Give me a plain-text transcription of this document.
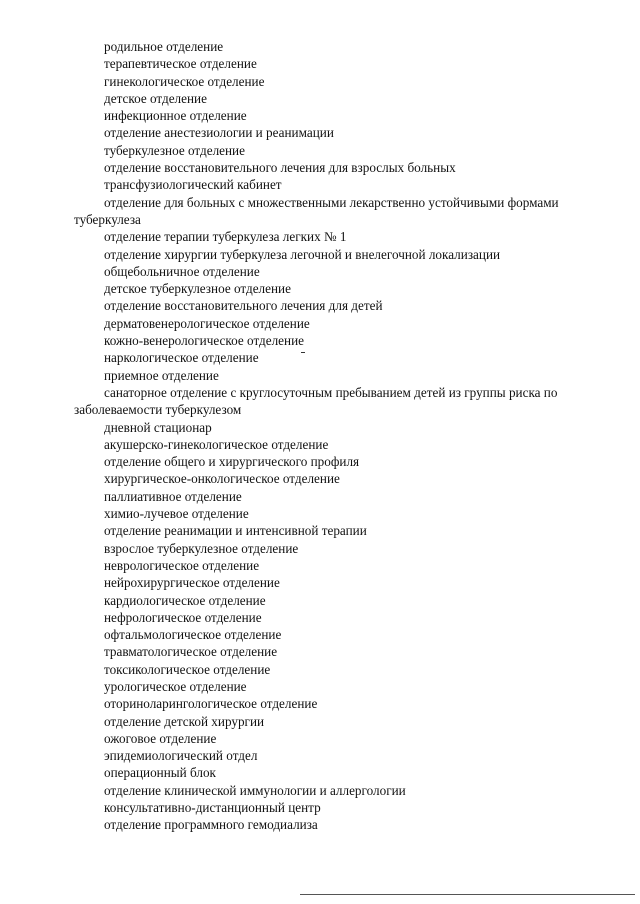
родильное отделение

терапевтическое отделение

гинекологическое отделение

детское отделение

инфекционное отделение

отделение анестезиологии и реанимации

туберкулезное отделение

отделение восстановительного лечения для взрослых больных

трансфузиологический кабинет

отделение для больных с множественными лекарственно устойчивыми формами туберкулеза

отделение терапии туберкулеза легких № 1

отделение хирургии туберкулеза легочной и внелегочной локализации

общебольничное отделение

детское туберкулезное отделение

отделение восстановительного лечения для детей

дерматовенерологическое отделение

кожно-венерологическое отделение

наркологическое отделение

приемное отделение

санаторное отделение с круглосуточным пребыванием детей из группы риска по заболеваемости туберкулезом

дневной стационар

акушерско-гинекологическое отделение

отделение общего и хирургического профиля

хирургическое-онкологическое отделение

паллиативное отделение

химио-лучевое отделение

отделение реанимации и интенсивной терапии

взрослое туберкулезное отделение

неврологическое отделение

нейрохирургическое отделение

кардиологическое отделение

нефрологическое отделение

офтальмологическое отделение

травматологическое отделение

токсикологическое отделение

урологическое отделение

оториноларингологическое отделение

отделение детской хирургии

ожоговое отделение

эпидемиологический отдел

операционный блок

отделение клинической иммунологии и аллергологии

консультативно-дистанционный центр

отделение программного гемодиализа
